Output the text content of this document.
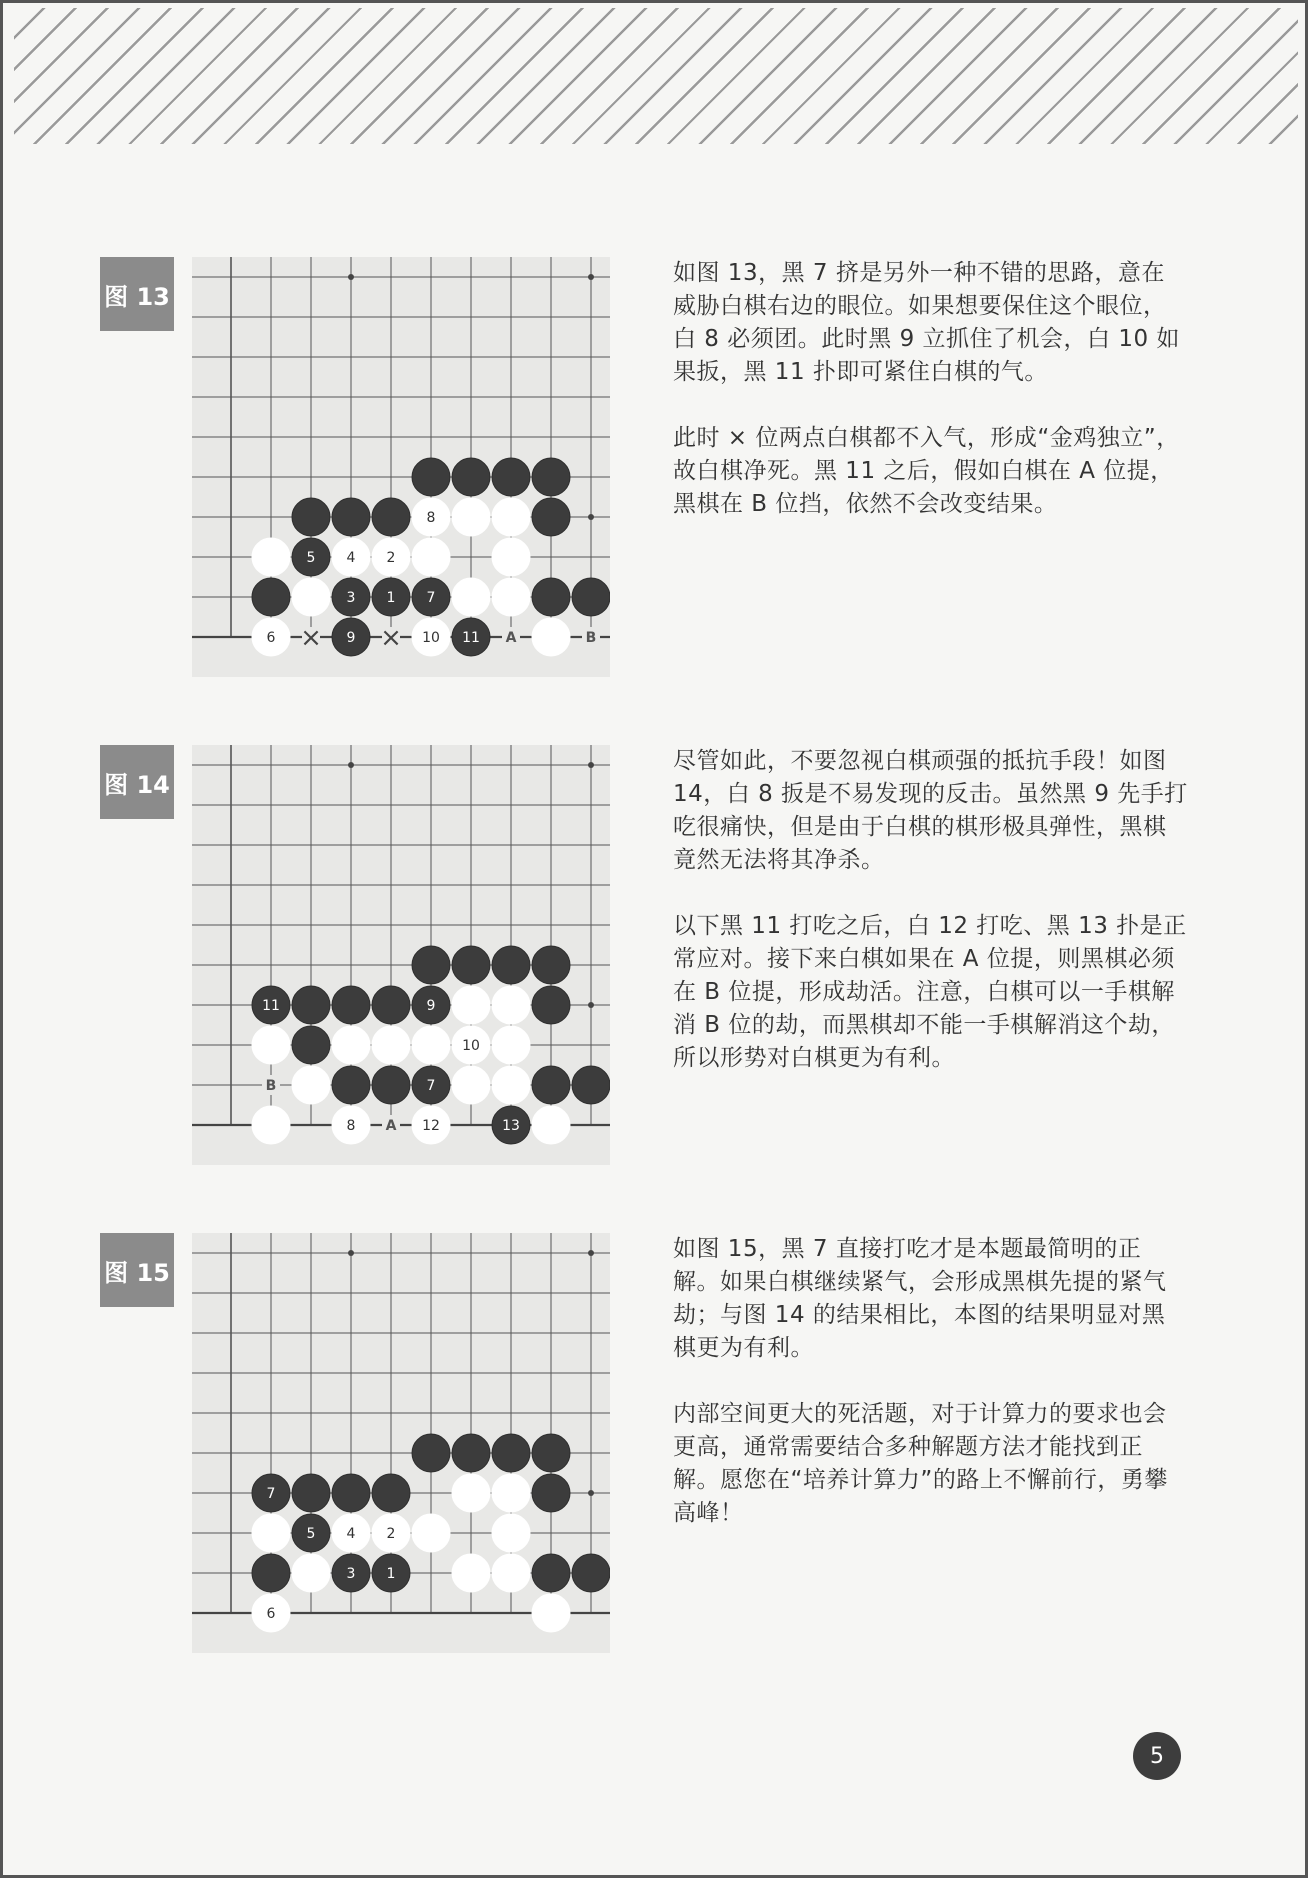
图 13
× ×	A	B
8
5 4 2
3 1 7
6	9	10 11

如图 13，黑 7 挤是另外一种不错的思路，意在威胁白棋右边的眼位。如果想要保住这个眼位，白 8 必须团。此时黑 9 立抓住了机会，白 10 如果扳，黑 11 扑即可紧住白棋的气。

此时 × 位两点白棋都不入气，形成“金鸡独立”，故白棋净死。黑 11 之后，假如白棋在 A 位提，黑棋在 B 位挡，依然不会改变结果。

图 14
B
A
11	9
10
7
8	12	13

尽管如此，不要忽视白棋顽强的抵抗手段！如图 14，白 8 扳是不易发现的反击。虽然黑 9 先手打吃很痛快，但是由于白棋的棋形极具弹性，黑棋竟然无法将其净杀。

以下黑 11 打吃之后，白 12 打吃、黑 13 扑是正常应对。接下来白棋如果在 A 位提，则黑棋必须在 B 位提，形成劫活。注意，白棋可以一手棋解消 B 位的劫，而黑棋却不能一手棋解消这个劫，所以形势对白棋更为有利。

图 15
7
5 4 2
3 1
6

如图 15，黑 7 直接打吃才是本题最简明的正解。如果白棋继续紧气，会形成黑棋先提的紧气劫；与图 14 的结果相比，本图的结果明显对黑棋更为有利。

内部空间更大的死活题，对于计算力的要求也会更高，通常需要结合多种解题方法才能找到正解。愿您在“培养计算力”的路上不懈前行，勇攀高峰！

5
